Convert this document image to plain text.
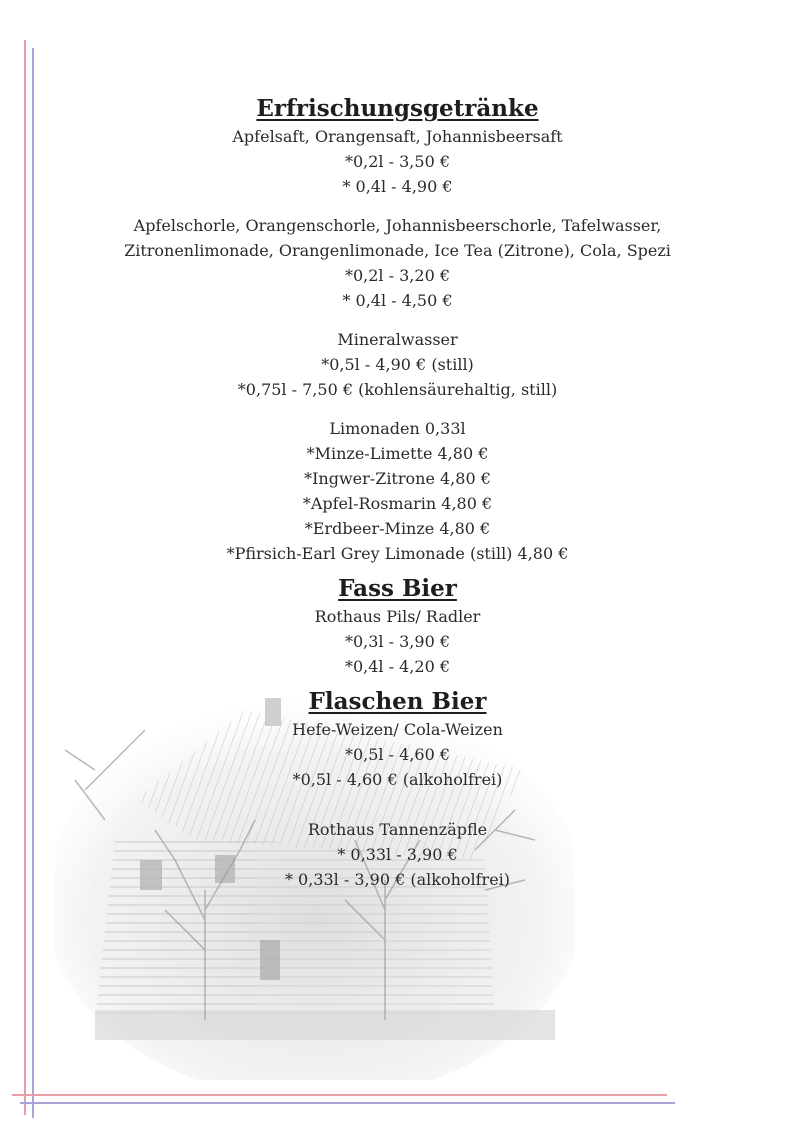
Erfrischungsgetränke

Apfelsaft, Orangensaft, Johannisbeersaft

*0,2l - 3,50 €

* 0,4l - 4,90 €

Apfelschorle, Orangenschorle, Johannisbeerschorle, Tafelwasser,

Zitronenlimonade, Orangenlimonade, Ice Tea (Zitrone), Cola, Spezi

*0,2l - 3,20 €

* 0,4l - 4,50 €

Mineralwasser

*0,5l - 4,90 € (still)

*0,75l - 7,50 € (kohlensäurehaltig, still)

Limonaden 0,33l

*Minze-Limette 4,80 €

*Ingwer-Zitrone 4,80 €

*Apfel-Rosmarin 4,80 €

*Erdbeer-Minze 4,80 €

*Pfirsich-Earl Grey Limonade (still) 4,80 €

Fass Bier

Rothaus Pils/ Radler

*0,3l - 3,90 €

*0,4l - 4,20 €

Flaschen Bier

Hefe-Weizen/ Cola-Weizen

*0,5l - 4,60 €

*0,5l - 4,60 € (alkoholfrei)

Rothaus Tannenzäpfle

* 0,33l - 3,90 €

* 0,33l - 3,90 € (alkoholfrei)
